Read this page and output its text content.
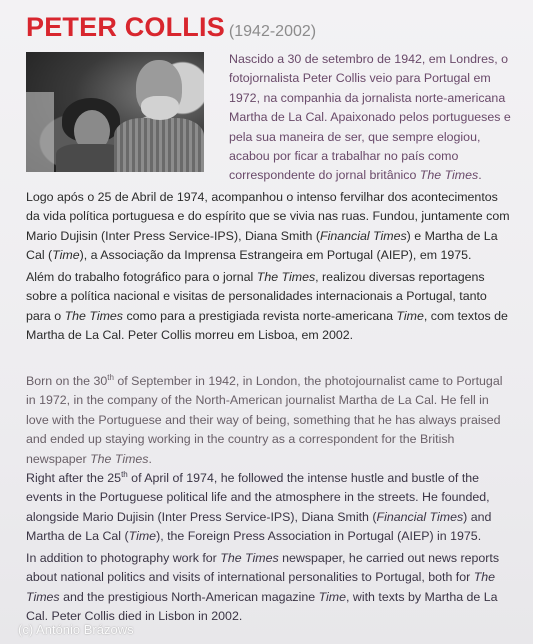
PETER COLLIS (1942-2002)

Nascido a 30 de setembro de 1942, em Londres, o fotojornalista Peter Collis veio para Portugal em 1972, na companhia da jornalista norte-americana Martha de La Cal. Apaixonado pelos portugueses e pela sua maneira de ser, que sempre elogiou, acabou por ficar a trabalhar no país como correspondente do jornal britânico The Times.

Logo após o 25 de Abril de 1974, acompanhou o intenso fervilhar dos acontecimentos da vida política portuguesa e do espírito que se vivia nas ruas. Fundou, juntamente com Mario Dujisin (Inter Press Service-IPS), Diana Smith (Financial Times) e Martha de La Cal (Time), a Associação da Imprensa Estrangeira em Portugal (AIEP), em 1975.

Além do trabalho fotográfico para o jornal The Times, realizou diversas reportagens sobre a política nacional e visitas de personalidades internacionais a Portugal, tanto para o The Times como para a prestigiada revista norte-americana Time, com textos de Martha de La Cal. Peter Collis morreu em Lisboa, em 2002.

Born on the 30th of September in 1942, in London, the photojournalist came to Portugal in 1972, in the company of the North-American journalist Martha de La Cal. He fell in love with the Portuguese and their way of being, something that he has always praised and ended up staying working in the country as a correspondent for the British newspaper The Times.

Right after the 25th of April of 1974, he followed the intense hustle and bustle of the events in the Portuguese political life and the atmosphere in the streets. He founded, alongside Mario Dujisin (Inter Press Service-IPS), Diana Smith (Financial Times) and Martha de La Cal (Time), the Foreign Press Association in Portugal (AIEP) in 1975.

In addition to photography work for The Times newspaper, he carried out news reports about national politics and visits of international personalities to Portugal, both for The Times and the prestigious North-American magazine Time, with texts by Martha de La Cal. Peter Collis died in Lisbon in 2002.

(c) António Brázows
